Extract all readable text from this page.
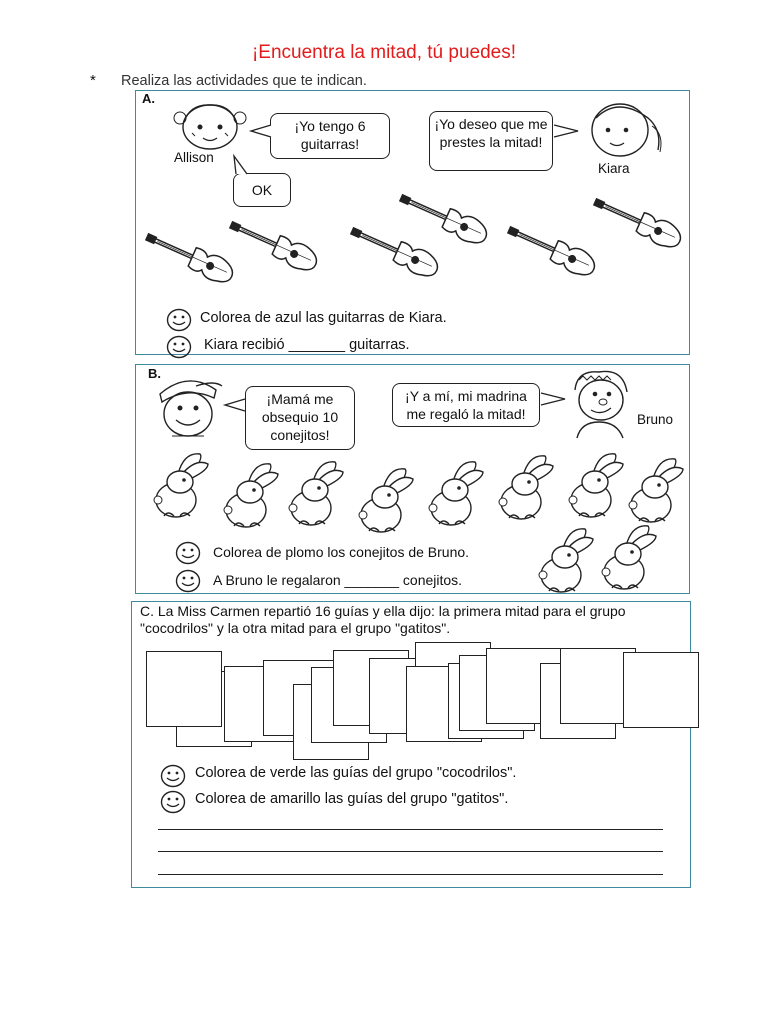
¡Encuentra la mitad, tú puedes!
* Realiza las actividades que te indican.
A.
Allison
¡Yo tengo 6 guitarras!
OK
¡Yo deseo que me prestes la mitad!
Kiara
Colorea de azul las guitarras de Kiara.
Kiara recibió _______ guitarras.
B.
¡Mamá me obsequio 10 conejitos!
¡Y a mí, mi madrina me regaló la mitad!	Bruno
Colorea de plomo los conejitos de Bruno.
A Bruno le regalaron _______ conejitos.
C. La Miss Carmen repartió 16 guías y ella dijo: la primera mitad para el grupo "cocodrilos" y la otra mitad para el grupo "gatitos".
Colorea de verde las guías del grupo "cocodrilos".
Colorea de amarillo las guías del grupo "gatitos".
